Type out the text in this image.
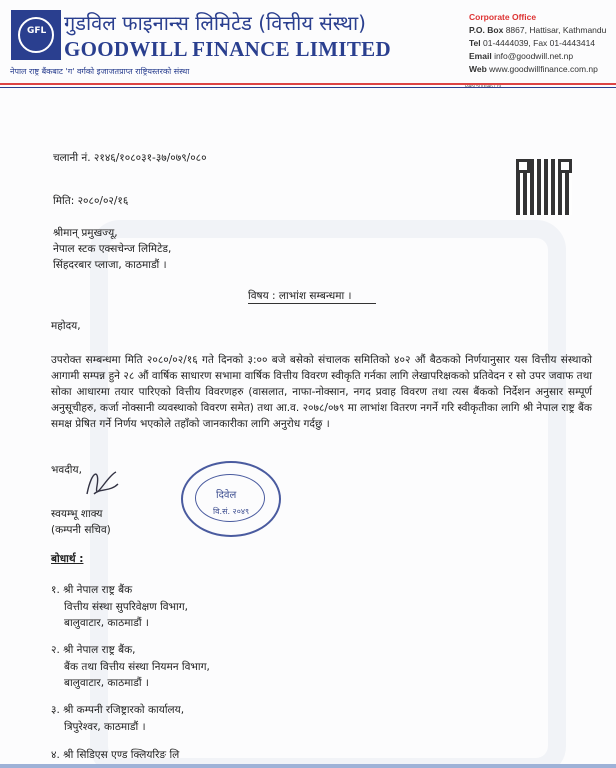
GFL गुडविल फाइनान्स लिमिटेड (वित्तीय संस्था)
GOODWILL FINANCE LIMITED
नेपाल राष्ट्र बैंकबाट 'ग' वर्गको इजाजतप्राप्त राष्ट्रियस्तरको संस्था
Corporate Office
P.O. Box 8867, Hattisar, Kathmandu
Tel 01-4444039, Fax 01-4443414
Email info@goodwill.net.np
Web www.goodwillfinance.com.np
चलानी नं. २१४६/१०८०३१-३७/०७९/०८०
मिति: २०८०/०२/१६
श्रीमान् प्रमुखज्यू,
नेपाल स्टक एक्सचेन्ज लिमिटेड,
सिंहदरबार प्लाजा, काठमाडौं ।
विषय : लाभांश सम्बन्धमा ।
महोदय,
उपरोक्त सम्बन्धमा मिति २०८०/०२/१६ गते दिनको ३:०० बजे बसेको संचालक समितिको ४०२ औं बैठकको निर्णयानुसार यस वित्तीय संस्थाको आगामी सम्पन्न हुने २८ औं वार्षिक साधारण सभामा वार्षिक वित्तीय विवरण स्वीकृति गर्नका लागि लेखापरिक्षकको प्रतिवेदन र सो उपर जवाफ तथा सोका आधारमा तयार पारिएको वित्तीय विवरणहरु (वासलात, नाफा-नोक्सान, नगद प्रवाह विवरण तथा त्यस बैंकको निर्देशन अनुसार सम्पूर्ण अनुसूचीहरु, कर्जा नोक्सानी व्यवस्थाको विवरण समेत) तथा आ.व. २०७८/०७९ मा लाभांश वितरण नगर्ने गरि स्वीकृतीका लागि श्री नेपाल राष्ट्र बैंक समक्ष प्रेषित गर्ने निर्णय भएकोले तहाँको जानकारीका लागि अनुरोध गर्दछु ।
भवदीय,
दिवेल
वि.सं. २०४९
स्वयम्भू शाक्य
(कम्पनी सचिव)
बोधार्थ :
१. श्री नेपाल राष्ट्र बैंक
वित्तीय संस्था सुपरिवेक्षण विभाग,
बालुवाटार, काठमाडौं ।
२. श्री नेपाल राष्ट्र बैंक,
बैंक तथा वित्तीय संस्था नियमन विभाग,
बालुवाटार, काठमाडौं ।
३. श्री कम्पनी रजिष्ट्रारको कार्यालय,
त्रिपुरेश्वर, काठमाडौं ।
४. श्री सिडिएस एण्ड क्लियरिङ लि
